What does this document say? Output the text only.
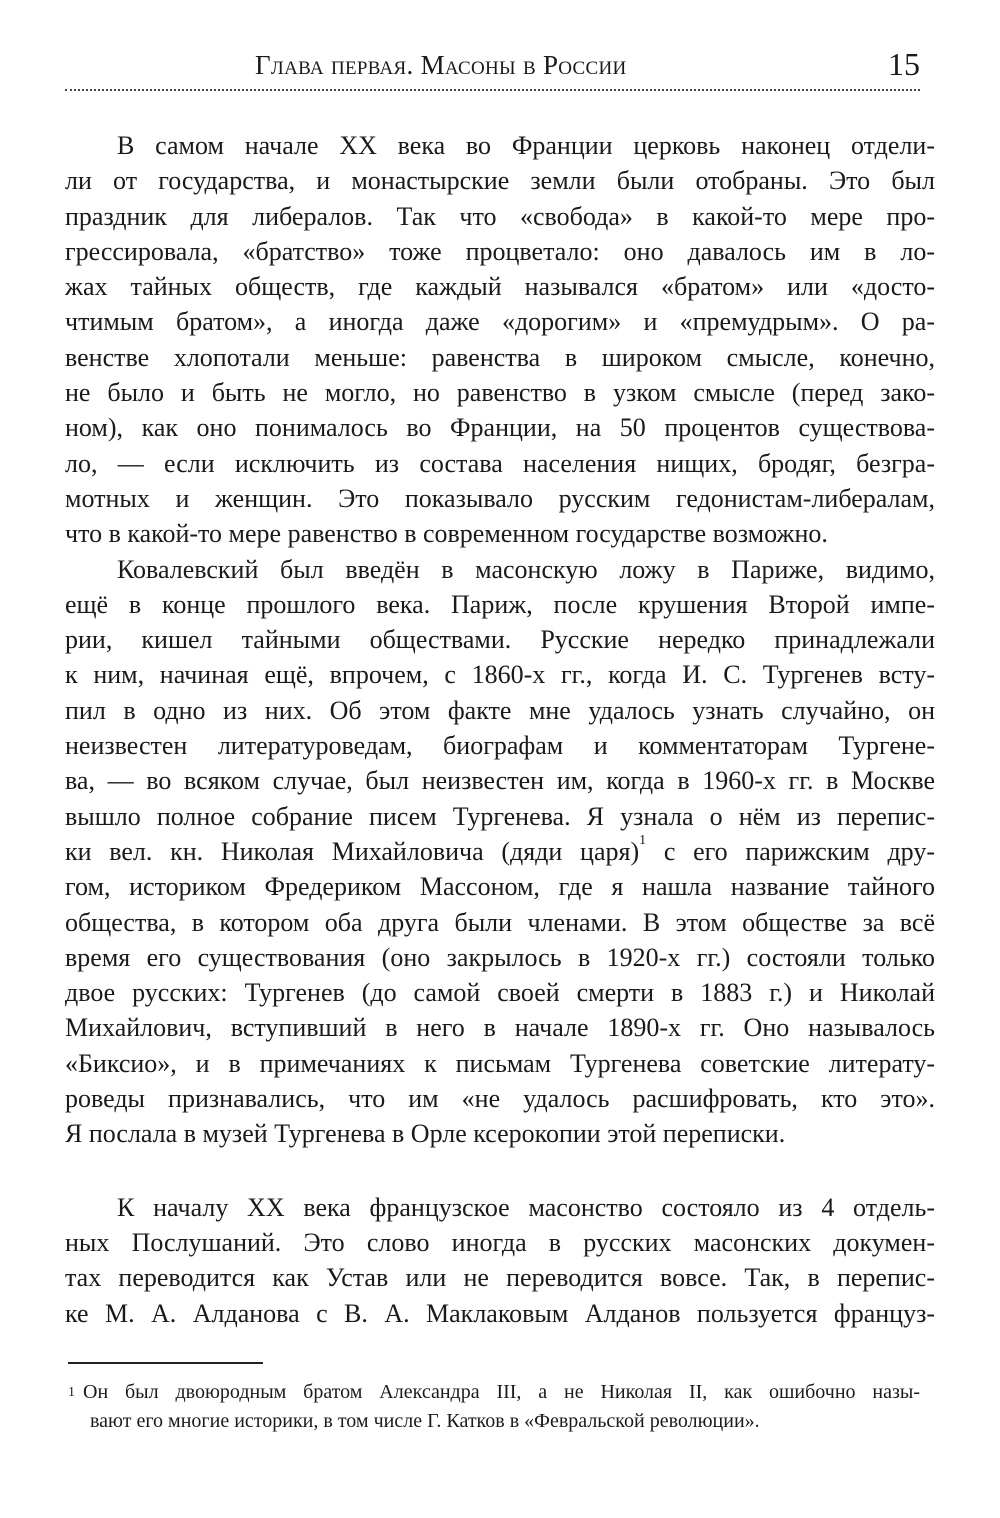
Глава первая. Масоны в России	15
В самом начале XX века во Франции церковь наконец отдели-
ли от государства, и монастырские земли были отобраны. Это был
праздник для либералов. Так что «свобода» в какой-то мере про-
грессировала, «братство» тоже процветало: оно давалось им в ло-
жах тайных обществ, где каждый назывался «братом» или «досто-
чтимым братом», а иногда даже «дорогим» и «премудрым». О ра-
венстве хлопотали меньше: равенства в широком смысле, конечно,
не было и быть не могло, но равенство в узком смысле (перед зако-
ном), как оно понималось во Франции, на 50 процентов существова-
ло, — если исключить из состава населения нищих, бродяг, безгра-
мотных и женщин. Это показывало русским гедонистам-либералам,
что в какой-то мере равенство в современном государстве возможно.
Ковалевский был введён в масонскую ложу в Париже, видимо,
ещё в конце прошлого века. Париж, после крушения Второй импе-
рии, кишел тайными обществами. Русские нередко принадлежали
к ним, начиная ещё, впрочем, с 1860-х гг., когда И. С. Тургенев всту-
пил в одно из них. Об этом факте мне удалось узнать случайно, он
неизвестен литературоведам, биографам и комментаторам Тургене-
ва, — во всяком случае, был неизвестен им, когда в 1960-х гг. в Москве
вышло полное собрание писем Тургенева. Я узнала о нём из перепис-
ки вел. кн. Николая Михайловича (дяди царя)$^1$ с его парижским дру-
гом, историком Фредериком Массоном, где я нашла название тайного
общества, в котором оба друга были членами. В этом обществе за всё
время его существования (оно закрылось в 1920-х гг.) состояли только
двое русских: Тургенев (до самой своей смерти в 1883 г.) и Николай
Михайлович, вступивший в него в начале 1890-х гг. Оно называлось
«Биксио», и в примечаниях к письмам Тургенева советские литерату-
роведы признавались, что им «не удалось расшифровать, кто это».
Я послала в музей Тургенева в Орле ксерокопии этой переписки.
К началу XX века французское масонство состояло из 4 отдель-
ных Послушаний. Это слово иногда в русских масонских докумен-
тах переводится как Устав или не переводится вовсе. Так, в перепис-
ке М. А. Алданова с В. А. Маклаковым Алданов пользуется француз-
$^1$ Он был двоюродным братом Александра III, а не Николая II, как ошибочно назы-
вают его многие историки, в том числе Г. Катков в «Февральской революции».
